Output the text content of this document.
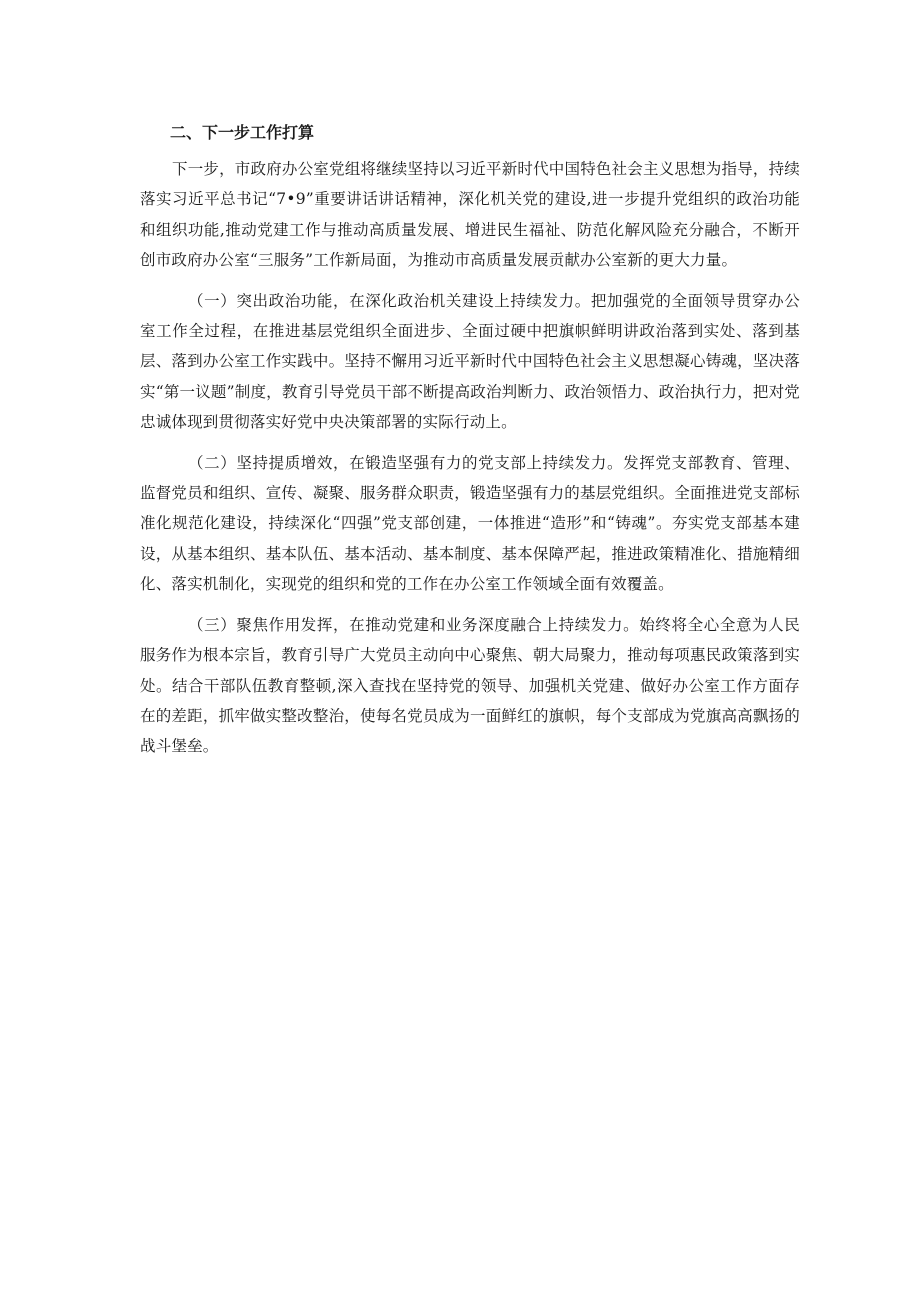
二、下一步工作打算

下一步，市政府办公室党组将继续坚持以习近平新时代中国特色社会主义思想为指导，持续落实习近平总书记“7•9”重要讲话讲话精神，深化机关党的建设,进一步提升党组织的政治功能和组织功能,推动党建工作与推动高质量发展、增进民生福祉、防范化解风险充分融合，不断开创市政府办公室“三服务”工作新局面，为推动市高质量发展贡献办公室新的更大力量。

（一）突出政治功能，在深化政治机关建设上持续发力。把加强党的全面领导贯穿办公室工作全过程，在推进基层党组织全面进步、全面过硬中把旗帜鲜明讲政治落到实处、落到基层、落到办公室工作实践中。坚持不懈用习近平新时代中国特色社会主义思想凝心铸魂，坚决落实“第一议题”制度，教育引导党员干部不断提高政治判断力、政治领悟力、政治执行力，把对党忠诚体现到贯彻落实好党中央决策部署的实际行动上。

（二）坚持提质增效，在锻造坚强有力的党支部上持续发力。发挥党支部教育、管理、监督党员和组织、宣传、凝聚、服务群众职责，锻造坚强有力的基层党组织。全面推进党支部标准化规范化建设，持续深化“四强”党支部创建，一体推进“造形”和“铸魂”。夯实党支部基本建设，从基本组织、基本队伍、基本活动、基本制度、基本保障严起，推进政策精准化、措施精细化、落实机制化，实现党的组织和党的工作在办公室工作领域全面有效覆盖。

（三）聚焦作用发挥，在推动党建和业务深度融合上持续发力。始终将全心全意为人民服务作为根本宗旨，教育引导广大党员主动向中心聚焦、朝大局聚力，推动每项惠民政策落到实处。结合干部队伍教育整顿,深入查找在坚持党的领导、加强机关党建、做好办公室工作方面存在的差距，抓牢做实整改整治，使每名党员成为一面鲜红的旗帜，每个支部成为党旗高高飘扬的战斗堡垒。
